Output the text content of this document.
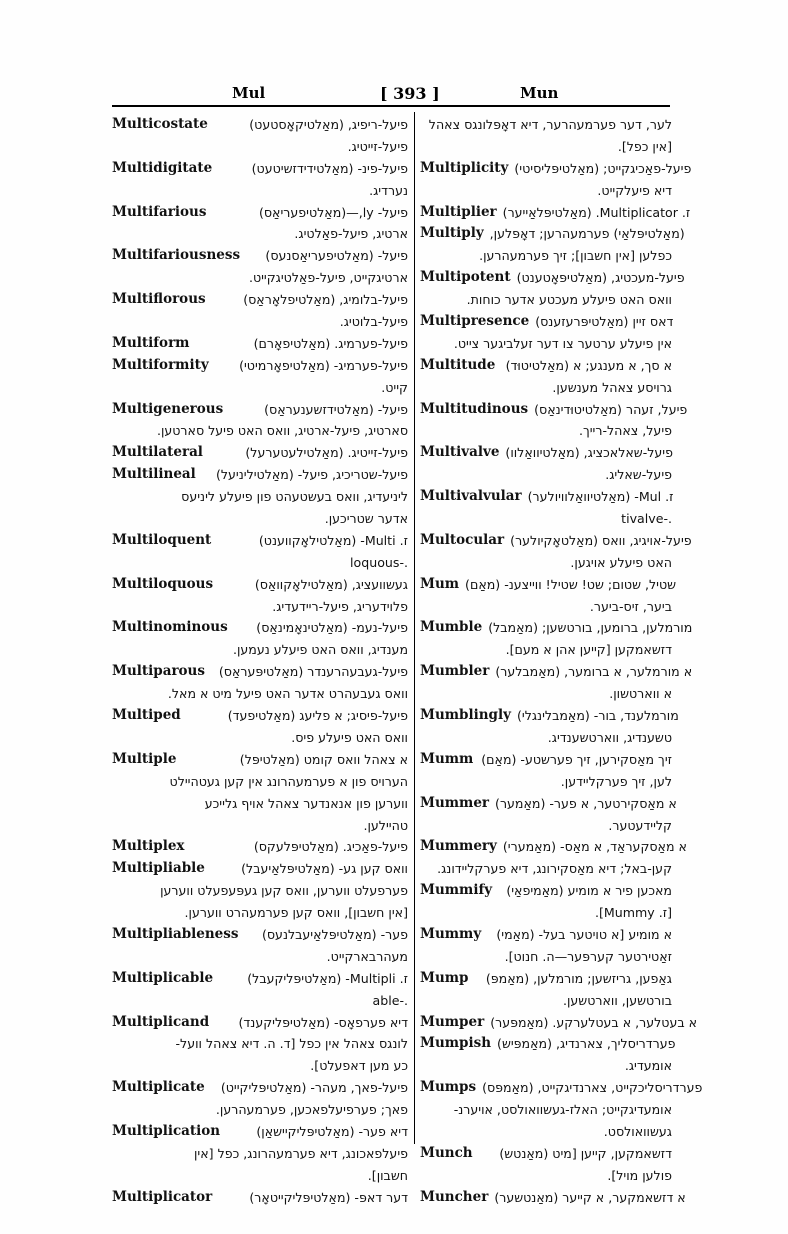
Mul	[ 393 ]	Mun
Multicostate	פיעל-ריפיג, (מאַלטיקאָסטעט)
פיעל-זייטיג.
Multidigitate	פיעל-פינ- (מאַלטידידזשיטעט)
נערדיג.
Multifarious	פיעל- ly,—(מאַלטיפעריאַס)
ארטיג, פיעל-פאַלטיג.
Multifariousness	פיעל- (מאַלטיפעריאַסנעס)
ארטיגקייט, פיעל-פאַלטיגקייט.
Multiflorous	פיעל-בלומיג, (מאַלטיפלאָראַס)
פיעל-בלוטיג.
Multiform	פיעל-פערמיג. (מאַלטיפאָרם)
Multiformity	פיעל-פערמיג- (מאַלטיפאָרמיטי)
קייט.
Multigenerous	פיעל- (מאַלטידזשענעראַס)
סארטיג, פיעל-ארטיג, וואס האט פיעל סארטען.
Multilateral	פיעל-זייטיג. (מאַלטילעטערעל)
Multilineal	פיעל-שטריכיג, פיעל- (מאַלטיליניעל)
ליניעדיג, וואס בעשטעהט פון פיעלע ליניעס
אדער שטריכען.
Multiloquent	ז. Multi- (מאַלטילאָקווענט)
loquous-.
Multiloquous	געשוועציג, (מאַלטילאָקוואַס)
פלוידעריג, פיעל-ריידעדיג.
Multinominous	פיעל-נעמ- (מאַלטינאָמינאַס)
מענדיג, וואס האט פיעלע נעמען.
Multiparous	פיעל-געבעהרענדר (מאַלטיפּעראַס)
וואס געבעהרט אדער האט פיעל מיט א מאל.
Multiped	פיעל-פיסיג; א פליעג (מאַלטיפעד)
וואס האט פיעלע פיס.
Multiple	א צאהל וואס קומט (מאַלטיפּל)
הערויס פון א פערמעהרונג אין קען געטהיילט
ווערען פון אנאנדער צאהל אויף גלייכע
טהיילען.
Multiplex	פיעל-פאַכיג. (מאַלטיפּלעקס)
Multipliable	וואס קען גע- (מאַלטיפּלאַיעבל)
פערפעלט ווערען, וואס קען געפּעפעלט ווערען
[אין חשבון], וואס קען פערמעהרט ווערען.
Multipliableness	פער- (מאַלטיפּלאַיעבלנעס)
מעהרבארקייט.
Multiplicable	ז. Multipli- (מאַלטיפּליקעבל)
able-.
Multiplicand	דיא פערפאָס- (מאַלטיפּליקענד)
לונגס צאהל אין כפל [ד. ה. דיא צאהל וועל-
כע מען דאפעלט].
Multiplicate	פיעל-פאך, מעהר- (מאַלטיפּליקייט)
פאך; פערפיעלפאכען, פערמעהרען.
Multiplication	דיא פער- (מאַלטיפּליקיישאַן)
פיעלפאכונג, דיא פערמעהרונג, כפל [אין
חשבון].
Multiplicator	דער דאפּ- (מאַלטיפּליקייטאָר)
לער, דער פערמעהרער, דיא דאָפּלונגס צאהל
[אין כפל].
Multiplicity פיעל-פאַכיגקייט; (מאַלטיפּליסיטי)
דיא פיעלקייט.
Multiplier ז. Multiplicator. (מאַלטיפּלאַייער)
Multiply (מאַלטיפּלאַי) פערמעהרען; דאָפּלען,
כפלען [אין חשבון]; זיך פערמעהרען.
Multipotent פיעל-מעכטיג, (מאַלטיפּאָטענט)
וואס האט פיעלע מעכטע אדער כוחות.
Multipresence דאס זיין (מאַלטיפּרעזענס)
אין פיעלע ערטער צו דער זעלביגער צייט.
Multitude א סך, א מענגע; א (מאַלטיטוּד)
גרויסע צאהל מענשען.
Multitudinous פיעל, זעהר (מאַלטיטוּדינאַס)
פיעל, צאהל-רייך.
Multivalve פיעל-שאלאכציג, (מאַלטיוואַלוו)
פיעל-שאליג.
Multivalvular ז. Mul- (מאַלטיוואַלוויולער)
tivalve-.
Multocular פיעל-אויגיג, וואס (מאַלטאָקיולער)
האט פיעלע אויגען.
Mum שטיל, שטום; שט! שטיל! ווייצענ- (מאַם)
ביער, זיס-ביער.
Mumble מורמלען, ברומען, בורטשען; (מאַמבל)
דזשאמקען [קייען אהן א מעם].
Mumbler א מורמלער, א ברומער, (מאַמבלער)
א ווארטשון.
Mumblingly מורמלענד, בור- (מאַמבלינגלי)
טשענדיג, ווארטשענדיג.
Mumm זיך מאַסקירען, זיך פערשטע- (מאַם)
לען, זיך פערקליידען.
Mummer א מאַסקירטער, א פער- (מאַמער)
קליידעטער.
Mummery א מאַסקעראַד, א מאַס- (מאַמערי)
קען-באל; דיא מאַסקירונג, דיא פערקליידונג.
Mummify	מאכען פיר א מומיע (מאַמיפאַי)
[ז. Mummy].
Mummy	א מומיע [א טויטער בעל- (מאַמי)
זאַטירטער קערפּער—ה. חנוט].
Mump	גאַפען, גריזשען; מורמלען, (מאַמפּ)
בורטשען, ווארטשען.
Mumper א בעטלער, א בעטלערקע. (מאַמפּער)
Mumpish פערדריסליך, צארנדיג, (מאַמפּיש)
אומעדיג.
Mumps פערדריסליכקייט, צארנדיגקייט, (מאַמפּס)
אומעדיגקייט; האלז-געשוואולסט, אויערנ-
געשוואולסט.
Munch	דזשאמקען, קייען [מיט (מאַנטש)
פולען מויל].
Muncher א דזשאמקער, א קייער (מאַנטשער)
